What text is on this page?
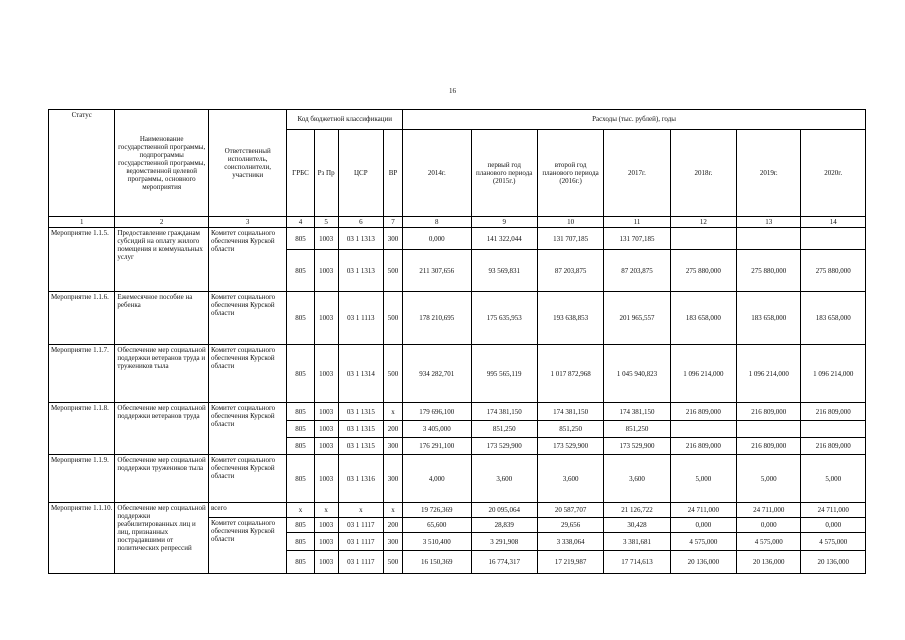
16
Статус	Наименование государственной программы, подпрограммы государственной программы, ведомственной целевой программы, основного мероприятия	Ответственный исполнитель, соисполнители, участники	Код бюджетной классификации				Расходы (тыс. рублей), годы						
			ГРБС	Рз Пр	ЦСР	ВР	2014г.	первый год планового периода (2015г.)	второй год планового периода (2016г.)	2017г.	2018г.	2019г.	2020г.
1	2	3	4	5	6	7	8	9	10	11	12	13	14
Мероприятие 1.1.5.	Предоставление гражданам субсидий на оплату жилого помещения и коммунальных услуг	Комитет социального обеспечения Курской области	805	1003	03 1 1313	300	0,000	141 322,044	131 707,185	131 707,185			
			805	1003	03 1 1313	500	211 307,656	93 569,831	87 203,875	87 203,875	275 880,000	275 880,000	275 880,000
Мероприятие 1.1.6.	Ежемесячное пособие на ребенка	Комитет социального обеспечения Курской области	805	1003	03 1 1113	500	178 210,695	175 635,953	193 638,853	201 965,557	183 658,000	183 658,000	183 658,000
Мероприятие 1.1.7.	Обеспечение мер социальной поддержки ветеранов труда и тружеников тыла	Комитет социального обеспечения Курской области	805	1003	03 1 1314	500	934 282,701	995 565,119	1 017 872,968	1 045 940,823	1 096 214,000	1 096 214,000	1 096 214,000
Мероприятие 1.1.8.	Обеспечение мер социальной поддержки ветеранов труда	Комитет социального обеспечения Курской области	805	1003	03 1 1315	х	179 696,100	174 381,150	174 381,150	174 381,150	216 809,000	216 809,000	216 809,000
			805	1003	03 1 1315	200	3 405,000	851,250	851,250	851,250			
			805	1003	03 1 1315	300	176 291,100	173 529,900	173 529,900	173 529,900	216 809,000	216 809,000	216 809,000
Мероприятие 1.1.9.	Обеспечение мер социальной поддержки тружеников тыла	Комитет социального обеспечения Курской области	805	1003	03 1 1316	300	4,000	3,600	3,600	3,600	5,000	5,000	5,000
Мероприятие 1.1.10.	Обеспечение мер социальной поддержки реабилитированных лиц и лиц, признанных пострадавшими от политических репрессий	всего	х	х	х	х	19 726,369	20 095,064	20 587,707	21 126,722	24 711,000	24 711,000	24 711,000
		Комитет социального обеспечения Курской области	805	1003	03 1 1117	200	65,600	28,839	29,656	30,428	0,000	0,000	0,000
			805	1003	03 1 1117	300	3 510,400	3 291,908	3 338,064	3 381,681	4 575,000	4 575,000	4 575,000
			805	1003	03 1 1117	500	16 150,369	16 774,317	17 219,987	17 714,613	20 136,000	20 136,000	20 136,000
